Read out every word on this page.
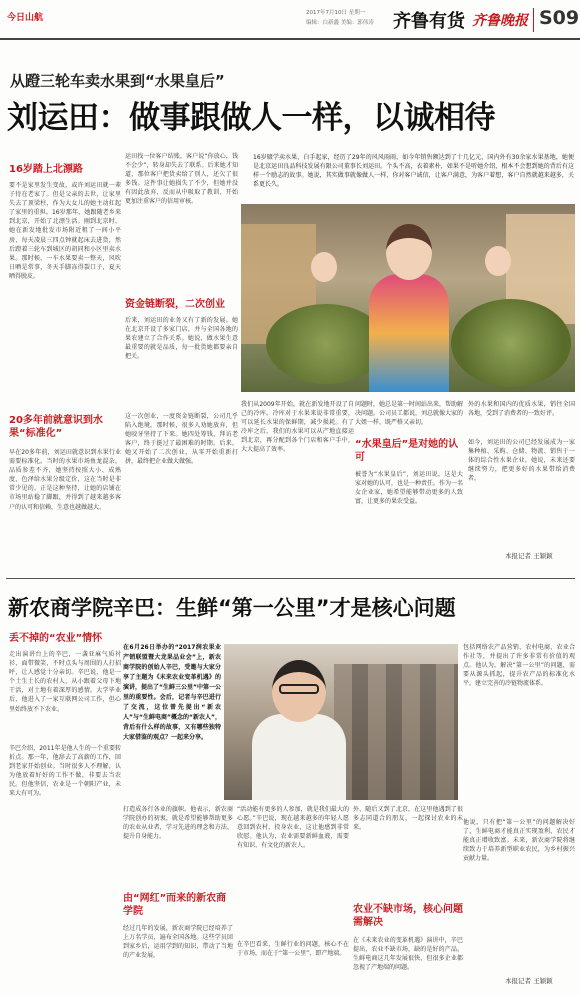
今日山航	2017年7月10日 星期一
编辑：白新鑫 美编：郭伟涛 齐鲁有货 齐鲁晚报 S09
从蹬三轮车卖水果到“水果皇后”
刘运田：做事跟做人一样，以诚相待
16岁踏上北漂路
要不是家里发生变故，或许刘运田就一辈子待在老家了。但是父亲的去世，让家里失去了顶梁柱，作为大女儿的她主动扛起了家里的重担。16岁那年，她跟随老乡来到北京，开始了北漂生活。刚到北京时，她在新发地批发市场附近租了一间小平房，每天凌晨三四点钟就起床去进货，然后蹬着三轮车到城区的胡同和小区里卖水果。那时候，一车水果要卖一整天，风吹日晒是常事，冬天手脚冻得裂口子，夏天晒得脱皮。
20多年前就意识到水果“标准化”
早在20多年前，刘运田就意识到水果行业需要标准化。当时的水果市场鱼龙混杂，品质参差不齐，她坚持按照大小、成熟度、色泽给水果分级定价，这在当时是非常少见的。正是这种坚持，让她的店铺在市场里站稳了脚跟，并得到了越来越多客户的认可和信赖，生意也越做越大。
运田找一位客户结账，客户说“你放心，钱不会少”，转身却失去了联系。后来她才知道，那位客户把货卖给了别人，还欠了很多钱。这件事让她损失了不少，但她并没有因此放弃，反而从中吸取了教训，开始更加注重客户的信用审核。
资金链断裂，二次创业
后来，刘运田的业务又有了新的发展。她在北京开设了多家门店，并与全国各地的果农建立了合作关系。她说，做水果生意最重要的就是品质，每一批货她都要亲自把关。
这一次创业，一度资金链断裂，公司几乎陷入绝境。那时候，很多人劝她放弃，但她咬牙坚持了下来。她四处筹钱，拜访老客户，终于挺过了最困难的时期。后来，她又开始了二次创业，从零开始重新打拼，最终把企业做大做强。
16岁辍学卖水果，白手起家，经历了29年的风风雨雨，如今年销售额达到了十几亿元，国内外有30余家水果基地，她便是北京运田良品科技发展有限公司董事长刘运田。个头不高，衣着素朴，如果不是听她介绍，根本不会想到她的背后有这样一个励志的故事。她说，其实做事就像做人一样，你对客户诚信，让客户满意，为客户着想，客户自然就越来越多，关系更长久。
我们从2009年开始，就在新发地开设了自己的冷库。冷库对于水果来说非常重要，可以延长水果的保鲜期，减少损耗。有了冷库之后，我们的水果可以从产地直接运到北京，再分配到各个门店和客户手中，大大提高了效率。
问题时，她总是第一时间站出来，帮助解决问题。公司员工都说，刘总就像大家的大姐一样，既严格又亲切。
“水果皇后”是对她的认可
被誉为“水果皇后”，刘运田说，这是大家对她的认可，也是一种责任。作为一名女企业家，她希望能够带动更多的人致富，让更多的果农受益。
外的水果和国内的优质水果，销往全国各地，受到了消费者的一致好评。
如今，刘运田的公司已经发展成为一家集种植、采购、仓储、物流、销售于一体的综合性水果企业。她说，未来还要继续努力，把更多好的水果带给消费者。
本报记者 王颖颖
新农商学院辛巴：生鲜“第一公里”才是核心问题
丢不掉的“农业”情怀
走出演讲台上的辛巴，一袭亚麻气质衬衫，面带微笑，不时点头与周围的人打招呼，让人感觉十分亲切。辛巴说，他是一个土生土长的农村人，从小跟着父母下地干活，对土地有着深厚的感情。大学毕业后，他进入了一家互联网公司工作，但心里始终放不下农业。
辛巴介绍，2011年是他人生的一个重要转折点。那一年，他辞去了高薪的工作，回到老家开始创业。当时很多人不理解，认为他放着好好的工作不做，非要去当农民。但他坚信，农业是一个朝阳产业，未来大有可为。
在6月26日举办的“2017润农果业产销联盟暨大龙果品业会”上，新农商学院的创始人辛巴，受邀与大家分享了主题为《未来农业变革机遇》的演讲，提出了“生鲜三公里”中第一公里的重要性。会后，记者与辛巴进行了交流，这位曾先提出“新农人”与“生鲜电商”概念的“新农人”，背后有什么样的故事，又有哪些独特大家借鉴的观点？一起来分享。
打造成各行各业的旗帜。他表示，新农商学院创办的初衷，就是希望能够帮助更多的农业从业者，学习先进的理念和方法，提升自身能力。
由“网红”而来的新农商学院
经过几年的发展，新农商学院已经培养了上万名学员，遍布全国各地。这些学员回到家乡后，运用学到的知识，带动了当地的产业发展。
“活动能有更多的人参加，就是我们最大的心愿。”辛巴说，现在越来越多的年轻人愿意回到农村，投身农业，这让他感到非常欣慰。他认为，农业需要新鲜血液，需要有知识、有文化的新农人。
在辛巴看来，生鲜行业的问题，核心不在于市场，而在于“第一公里”，即产地端。
外，随后又到了北京，在这里他遇到了很多志同道合的朋友，一起探讨农业的未来。
农业不缺市场，核心问题需解决
在《未来农业的变革机遇》演讲中，辛巴提出，农业不缺市场，缺的是好的产品。生鲜电商这几年发展很快，但很多企业都忽视了产地端的问题。
包括网络农产品营销、农村电商、农业合作社等，并提出了许多非常有价值的观点。他认为，解决“第一公里”的问题，需要从源头抓起，提升农产品的标准化水平，建立完善的冷链物流体系。
他说，只有把“第一公里”的问题解决好了，生鲜电商才能真正实现盈利，农民才能真正增收致富。未来，新农商学院将继续致力于培养新型职业农民，为乡村振兴贡献力量。
本报记者 王颖颖
